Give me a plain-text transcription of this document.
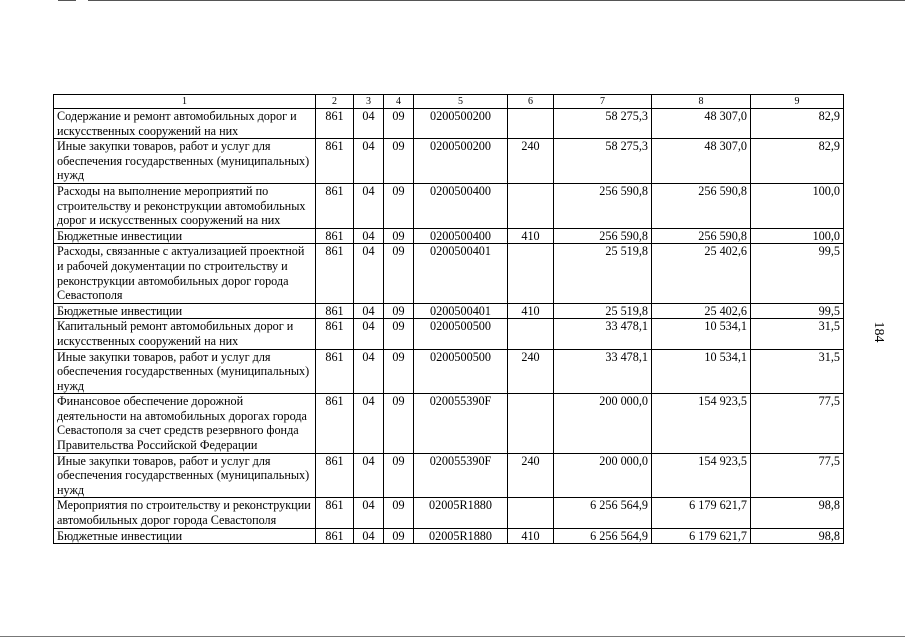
1	2	3	4	5	6	7	8	9
Содержание и ремонт автомобильных дорог и искусственных сооружений на них	861	04	09	0200500200		58 275,3	48 307,0	82,9
Иные закупки товаров, работ и услуг для обеспечения государственных (муниципальных) нужд	861	04	09	0200500200	240	58 275,3	48 307,0	82,9
Расходы на выполнение мероприятий по строительству и реконструкции автомобильных дорог и искусственных сооружений на них	861	04	09	0200500400		256 590,8	256 590,8	100,0
Бюджетные инвестиции	861	04	09	0200500400	410	256 590,8	256 590,8	100,0
Расходы, связанные с актуализацией проектной и рабочей документации по строительству и реконструкции автомобильных дорог города Севастополя	861	04	09	0200500401		25 519,8	25 402,6	99,5
Бюджетные инвестиции	861	04	09	0200500401	410	25 519,8	25 402,6	99,5
Капитальный ремонт автомобильных дорог и искусственных сооружений на них	861	04	09	0200500500		33 478,1	10 534,1	31,5
Иные закупки товаров, работ и услуг для обеспечения государственных (муниципальных) нужд	861	04	09	0200500500	240	33 478,1	10 534,1	31,5
Финансовое обеспечение дорожной деятельности на автомобильных дорогах города Севастополя за счет средств резервного фонда Правительства Российской Федерации	861	04	09	020055390F		200 000,0	154 923,5	77,5
Иные закупки товаров, работ и услуг для обеспечения государственных (муниципальных) нужд	861	04	09	020055390F	240	200 000,0	154 923,5	77,5
Мероприятия по строительству и реконструкции автомобильных дорог города Севастополя	861	04	09	02005R1880		6 256 564,9	6 179 621,7	98,8
Бюджетные инвестиции	861	04	09	02005R1880	410	6 256 564,9	6 179 621,7	98,8
184
